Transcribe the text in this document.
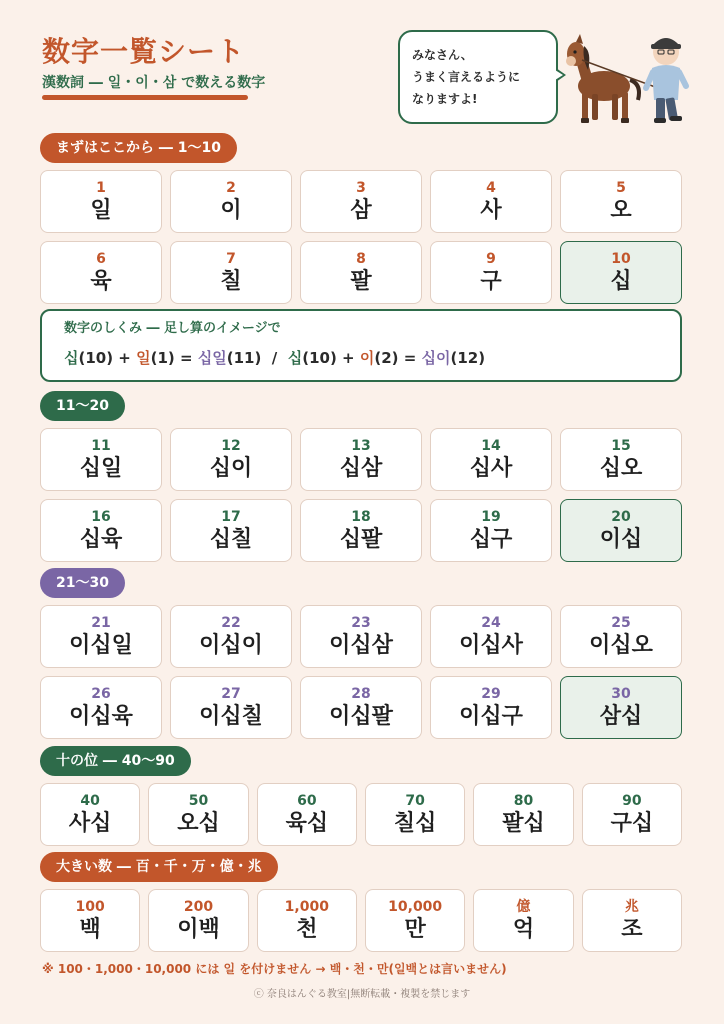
数字一覧シート
漢数詞 ― 일・이・삼 で数える数字
みなさん、
うまく言えるように
なりますよ!
まずはここから ― 1〜10
1
일
2
이
3
삼
4
사
5
오
6
육
7
칠
8
팔
9
구
10
십
数字のしくみ ― 足し算のイメージで
십(10) + 일(1) = 십일(11)  /  십(10) + 이(2) = 십이(12)
11〜20
11
십일
12
십이
13
십삼
14
십사
15
십오
16
십육
17
십칠
18
십팔
19
십구
20
이십
21〜30
21
이십일
22
이십이
23
이십삼
24
이십사
25
이십오
26
이십육
27
이십칠
28
이십팔
29
이십구
30
삼십
十の位 ― 40〜90
40
사십
50
오십
60
육십
70
칠십
80
팔십
90
구십
大きい数 ― 百・千・万・億・兆
100
백
200
이백
1,000
천
10,000
만
億
억
兆
조
※ 100・1,000・10,000 には 일 を付けません → 백・천・만(일백とは言いません)
ⓒ 奈良はんぐる教室|無断転載・複製を禁じます
